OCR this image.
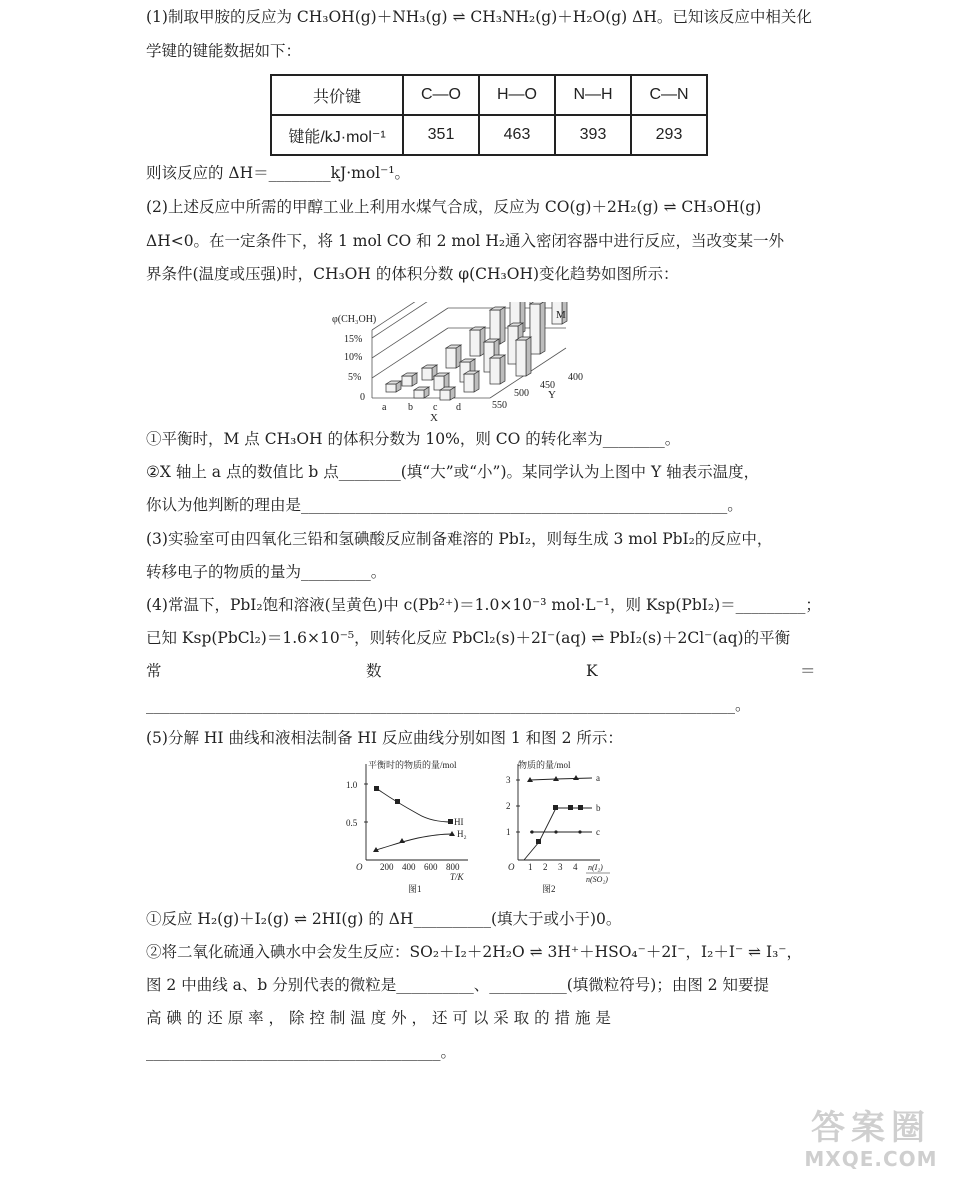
(1)制取甲胺的反应为 CH₃OH(g)＋NH₃(g) ⇌ CH₃NH₂(g)＋H₂O(g) ΔH。已知该反应中相关化
学键的键能数据如下：
共价键	C—O	H—O	N—H	C—N
键能/kJ·mol⁻¹	351	463	393	293
则该反应的 ΔH＝________kJ·mol⁻¹。
(2)上述反应中所需的甲醇工业上利用水煤气合成，反应为 CO(g)＋2H₂(g) ⇌ CH₃OH(g)
ΔH<0。在一定条件下，将 1 mol CO 和 2 mol H₂通入密闭容器中进行反应，当改变某一外
界条件(温度或压强)时，CH₃OH 的体积分数 φ(CH₃OH)变化趋势如图所示：
φ(CH₃OH)
15%
10%
5%
0
a b c d
X
550
500
450
400
Y
M
①平衡时，M 点 CH₃OH 的体积分数为 10%，则 CO 的转化率为________。
②X 轴上 a 点的数值比 b 点________(填“大”或“小”)。某同学认为上图中 Y 轴表示温度，
你认为他判断的理由是_______________________________________________________。
(3)实验室可由四氧化三铅和氢碘酸反应制备难溶的 PbI₂，则每生成 3 mol PbI₂的反应中，
转移电子的物质的量为_________。
(4)常温下，PbI₂饱和溶液(呈黄色)中 c(Pb²⁺)＝1.0×10⁻³ mol·L⁻¹，则 Ksp(PbI₂)＝_________；
已知 Ksp(PbCl₂)＝1.6×10⁻⁵，则转化反应 PbCl₂(s)＋2I⁻(aq) ⇌ PbI₂(s)＋2Cl⁻(aq)的平衡
常	数	K	＝
____________________________________________________________________________。
(5)分解 HI 曲线和液相法制备 HI 反应曲线分别如图 1 和图 2 所示：
平衡时的物质的量/mol
1.0
0.5
O 200 400 600 800
T/K
图1
HI
H₂
物质的量/mol
3
2
1
O 1 2 3 4 n(I₂)
n(SO₂)
图2
a
b
c
①反应 H₂(g)＋I₂(g) ⇌ 2HI(g) 的 ΔH__________(填大于或小于)0。
②将二氧化硫通入碘水中会发生反应：SO₂＋I₂＋2H₂O ⇌ 3H⁺＋HSO₄⁻＋2I⁻，I₂＋I⁻ ⇌ I₃⁻，
图 2 中曲线 a、b 分别代表的微粒是__________、__________(填微粒符号)；由图 2 知要提
高 碘 的 还 原 率 ， 除 控 制 温 度 外 ， 还 可 以 采 取 的 措 施 是
______________________________________。
答案圈
MXQE.COM
